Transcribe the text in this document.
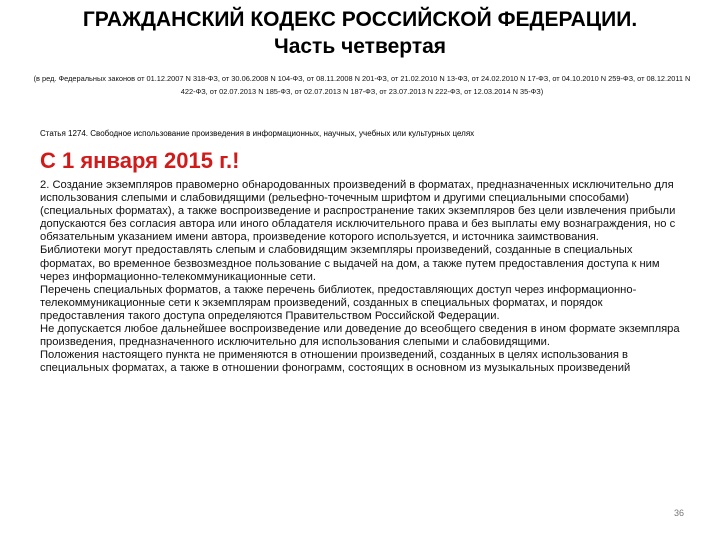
ГРАЖДАНСКИЙ КОДЕКС РОССИЙСКОЙ ФЕДЕРАЦИИ.
Часть четвертая
(в ред. Федеральных законов от 01.12.2007 N 318-ФЗ, от 30.06.2008 N 104-ФЗ, от 08.11.2008 N 201-ФЗ, от 21.02.2010 N 13-ФЗ, от 24.02.2010 N 17-ФЗ, от 04.10.2010 N 259-ФЗ, от 08.12.2011 N 422-ФЗ, от 02.07.2013 N 185-ФЗ, от 02.07.2013 N 187-ФЗ, от 23.07.2013 N 222-ФЗ, от 12.03.2014 N 35-ФЗ)
Статья 1274. Свободное использование произведения в информационных, научных, учебных или культурных целях
С 1 января 2015 г.!

2. Создание экземпляров правомерно обнародованных произведений в форматах, предназначенных исключительно для использования слепыми и слабовидящими (рельефно-точечным шрифтом и другими специальными способами) (специальных форматах), а также воспроизведение и распространение таких экземпляров без цели извлечения прибыли допускаются без согласия автора или иного обладателя исключительного права и без выплаты ему вознаграждения, но с обязательным указанием имени автора, произведение которого используется, и источника заимствования.

Библиотеки могут предоставлять слепым и слабовидящим экземпляры произведений, созданные в специальных форматах, во временное безвозмездное пользование с выдачей на дом, а также путем предоставления доступа к ним через информационно-телекоммуникационные сети.

Перечень специальных форматов, а также перечень библиотек, предоставляющих доступ через информационно-телекоммуникационные сети к экземплярам произведений, созданных в специальных форматах, и порядок предоставления такого доступа определяются Правительством Российской Федерации.

Не допускается любое дальнейшее воспроизведение или доведение до всеобщего сведения в ином формате экземпляра произведения, предназначенного исключительно для использования слепыми и слабовидящими.

Положения настоящего пункта не применяются в отношении произведений, созданных в целях использования в специальных форматах, а также в отношении фонограмм, состоящих в основном из музыкальных произведений

36
